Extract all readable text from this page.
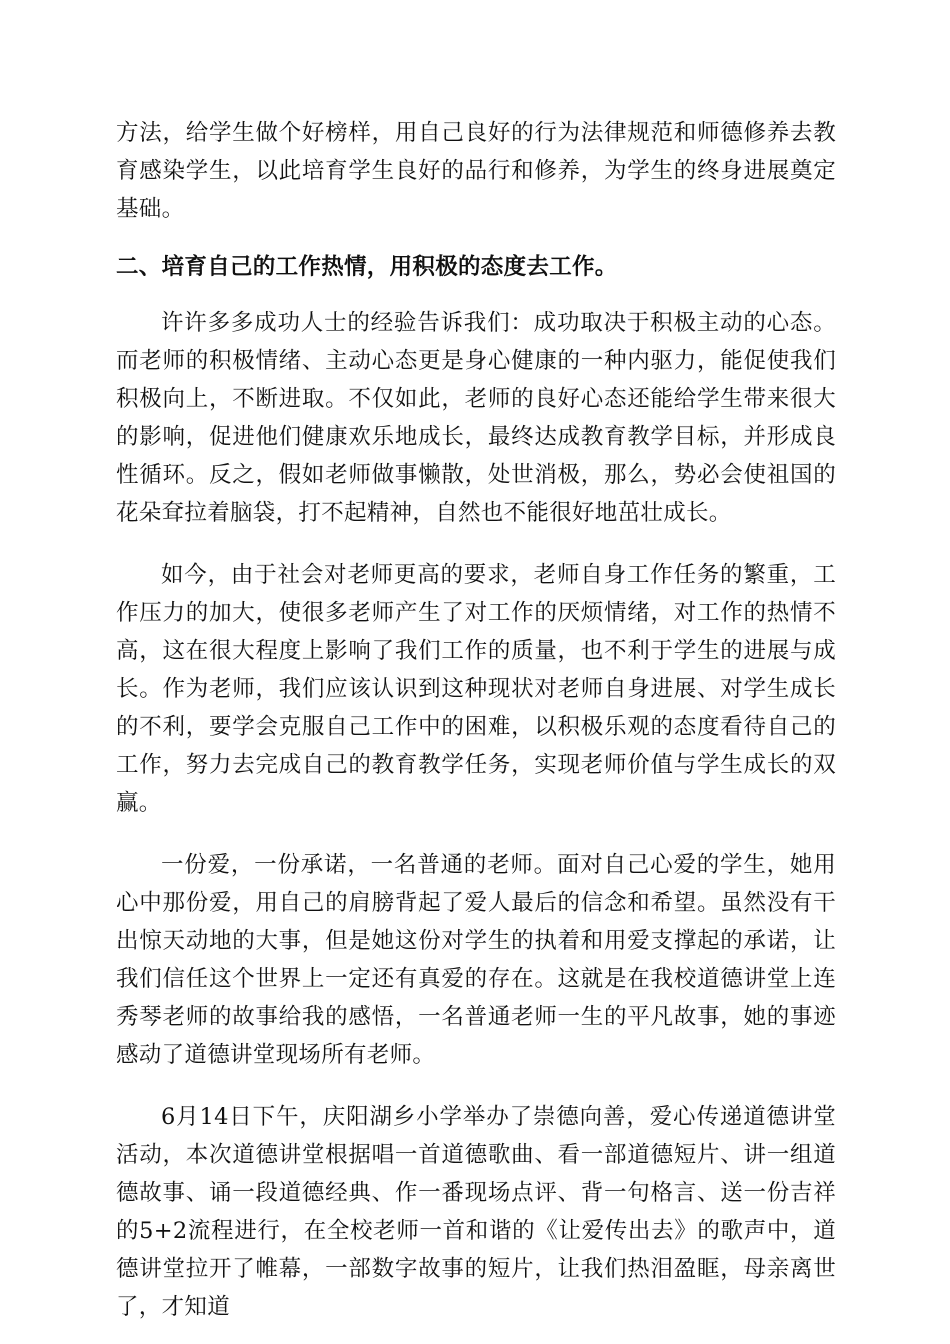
方法，给学生做个好榜样，用自己良好的行为法律规范和师德修养去教育感染学生，以此培育学生良好的品行和修养，为学生的终身进展奠定基础。

二、培育自己的工作热情，用积极的态度去工作。

许许多多成功人士的经验告诉我们：成功取决于积极主动的心态。而老师的积极情绪、主动心态更是身心健康的一种内驱力，能促使我们积极向上，不断进取。不仅如此，老师的良好心态还能给学生带来很大的影响，促进他们健康欢乐地成长，最终达成教育教学目标，并形成良性循环。反之，假如老师做事懒散，处世消极，那么，势必会使祖国的花朵耷拉着脑袋，打不起精神，自然也不能很好地茁壮成长。

如今，由于社会对老师更高的要求，老师自身工作任务的繁重，工作压力的加大，使很多老师产生了对工作的厌烦情绪，对工作的热情不高，这在很大程度上影响了我们工作的质量，也不利于学生的进展与成长。作为老师，我们应该认识到这种现状对老师自身进展、对学生成长的不利，要学会克服自己工作中的困难，以积极乐观的态度看待自己的工作，努力去完成自己的教育教学任务，实现老师价值与学生成长的双赢。

一份爱，一份承诺，一名普通的老师。面对自己心爱的学生，她用心中那份爱，用自己的肩膀背起了爱人最后的信念和希望。虽然没有干出惊天动地的大事，但是她这份对学生的执着和用爱支撑起的承诺，让我们信任这个世界上一定还有真爱的存在。这就是在我校道德讲堂上连秀琴老师的故事给我的感悟，一名普通老师一生的平凡故事，她的事迹感动了道德讲堂现场所有老师。

6月14日下午，庆阳湖乡小学举办了崇德向善，爱心传递道德讲堂活动，本次道德讲堂根据唱一首道德歌曲、看一部道德短片、讲一组道德故事、诵一段道德经典、作一番现场点评、背一句格言、送一份吉祥的5+2流程进行，在全校老师一首和谐的《让爱传出去》的歌声中，道德讲堂拉开了帷幕，一部数字故事的短片，让我们热泪盈眶，母亲离世了，才知道
